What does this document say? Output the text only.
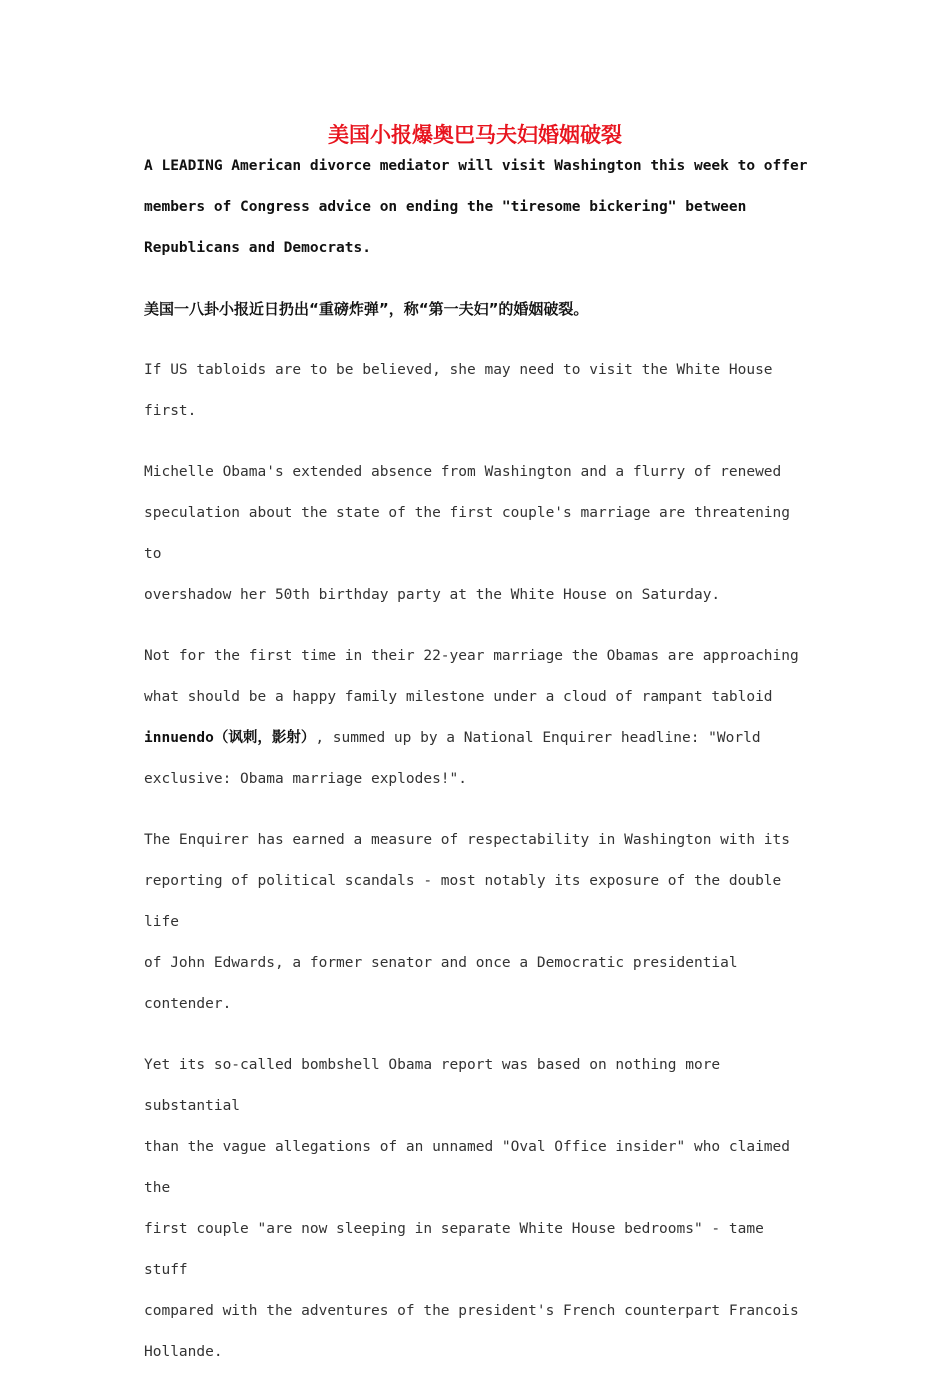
美国小报爆奥巴马夫妇婚姻破裂

A LEADING American divorce mediator will visit Washington this week to offer
members of Congress advice on ending the "tiresome bickering" between
Republicans and Democrats.

美国一八卦小报近日扔出“重磅炸弹”，称“第一夫妇”的婚姻破裂。

If US tabloids are to be believed, she may need to visit the White House
first.

Michelle Obama's extended absence from Washington and a flurry of renewed
speculation about the state of the first couple's marriage are threatening to
overshadow her 50th birthday party at the White House on Saturday.

Not for the first time in their 22-year marriage the Obamas are approaching
what should be a happy family milestone under a cloud of rampant tabloid
innuendo（讽刺，影射）, summed up by a National Enquirer headline: "World
exclusive: Obama marriage explodes!".

The Enquirer has earned a measure of respectability in Washington with its
reporting of political scandals - most notably its exposure of the double life
of John Edwards, a former senator and once a Democratic presidential
contender.

Yet its so-called bombshell Obama report was based on nothing more substantial
than the vague allegations of an unnamed "Oval Office insider" who claimed the
first couple "are now sleeping in separate White House bedrooms" - tame stuff
compared with the adventures of the president's French counterpart Francois
Hollande.
